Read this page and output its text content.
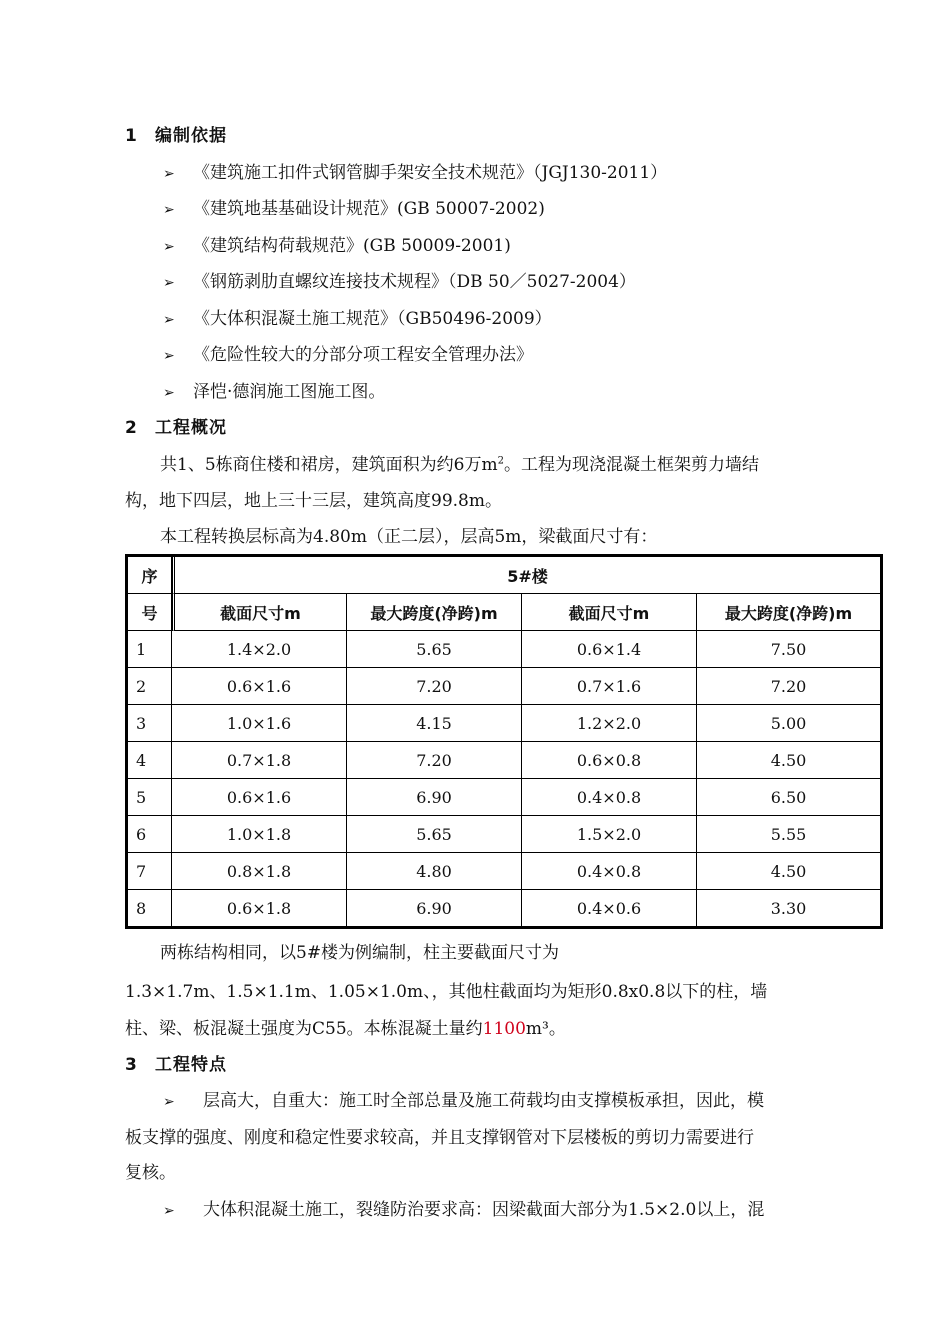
1 编制依据
➢ 《建筑施工扣件式钢管脚手架安全技术规范》（JGJ130-2011）
➢ 《建筑地基基础设计规范》(GB 50007-2002)
➢ 《建筑结构荷载规范》(GB 50009-2001)
➢ 《钢筋剥肋直螺纹连接技术规程》（DB 50／5027-2004）
➢ 《大体积混凝土施工规范》（GB50496-2009）
➢ 《危险性较大的分部分项工程安全管理办法》
➢ 泽恺·德润施工图施工图。
2 工程概况
共1、5栋商住楼和裙房，建筑面积为约6万$m^2$。工程为现浇混凝土框架剪力墙结
构，地下四层，地上三十三层，建筑高度99.8m。
本工程转换层标高为4.80m（正二层），层高5m，梁截面尺寸有：
序	5#楼			
号	截面尺寸m	最大跨度(净跨)m	截面尺寸m	最大跨度(净跨)m
1	1.4×2.0	5.65	0.6×1.4	7.50
2	0.6×1.6	7.20	0.7×1.6	7.20
3	1.0×1.6	4.15	1.2×2.0	5.00
4	0.7×1.8	7.20	0.6×0.8	4.50
5	0.6×1.6	6.90	0.4×0.8	6.50
6	1.0×1.8	5.65	1.5×2.0	5.55
7	0.8×1.8	4.80	0.4×0.8	4.50
8	0.6×1.8	6.90	0.4×0.6	3.30
两栋结构相同，以5#楼为例编制，柱主要截面尺寸为
1.3×1.7m、1.5×1.1m、1.05×1.0m、，其他柱截面均为矩形0.8x0.8以下的柱，墙
柱、梁、板混凝土强度为C55。本栋混凝土量约1100m³。
3 工程特点
➢ 层高大，自重大：施工时全部总量及施工荷载均由支撑模板承担，因此，模
板支撑的强度、刚度和稳定性要求较高，并且支撑钢管对下层楼板的剪切力需要进行
复核。
➢ 大体积混凝土施工，裂缝防治要求高：因梁截面大部分为1.5×2.0以上，混
